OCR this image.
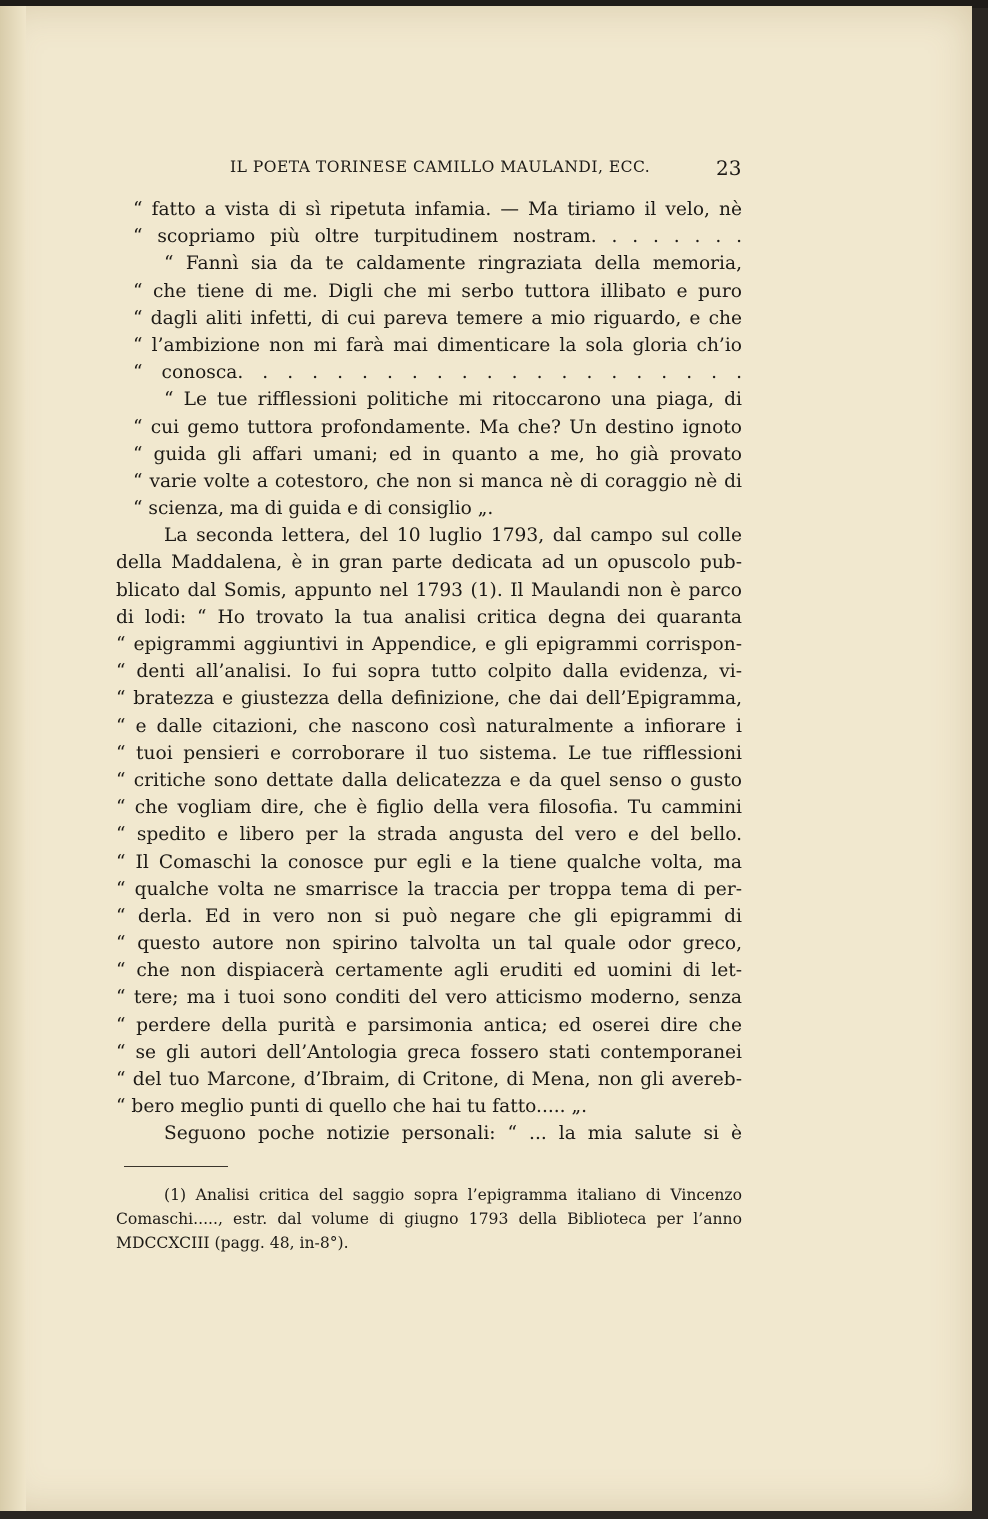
IL POETA TORINESE CAMILLO MAULANDI, ECC.	23
“ fatto a vista di sì ripetuta infamia. — Ma tiriamo il velo, nè
“ scopriamo più oltre turpitudinem nostram. . . . . . . .
“ Fannì sia da te caldamente ringraziata della memoria,
“ che tiene di me. Digli che mi serbo tuttora illibato e puro
“ dagli aliti infetti, di cui pareva temere a mio riguardo, e che
“ l’ambizione non mi farà mai dimenticare la sola gloria ch’io
“ conosca. . . . . . . . . . . . . . . . . . . . .
“ Le tue rifflessioni politiche mi ritoccarono una piaga, di
“ cui gemo tuttora profondamente. Ma che? Un destino ignoto
“ guida gli affari umani; ed in quanto a me, ho già provato
“ varie volte a cotestoro, che non si manca nè di coraggio nè di
“ scienza, ma di guida e di consiglio „.
La seconda lettera, del 10 luglio 1793, dal campo sul colle
della Maddalena, è in gran parte dedicata ad un opuscolo pub-
blicato dal Somis, appunto nel 1793 (1). Il Maulandi non è parco
di lodi: “ Ho trovato la tua analisi critica degna dei quaranta
“ epigrammi aggiuntivi in Appendice, e gli epigrammi corrispon-
“ denti all’analisi. Io fui sopra tutto colpito dalla evidenza, vi-
“ bratezza e giustezza della definizione, che dai dell’Epigramma,
“ e dalle citazioni, che nascono così naturalmente a infiorare i
“ tuoi pensieri e corroborare il tuo sistema. Le tue rifflessioni
“ critiche sono dettate dalla delicatezza e da quel senso o gusto
“ che vogliam dire, che è figlio della vera filosofia. Tu cammini
“ spedito e libero per la strada angusta del vero e del bello.
“ Il Comaschi la conosce pur egli e la tiene qualche volta, ma
“ qualche volta ne smarrisce la traccia per troppa tema di per-
“ derla. Ed in vero non si può negare che gli epigrammi di
“ questo autore non spirino talvolta un tal quale odor greco,
“ che non dispiacerà certamente agli eruditi ed uomini di let-
“ tere; ma i tuoi sono conditi del vero atticismo moderno, senza
“ perdere della purità e parsimonia antica; ed oserei dire che
“ se gli autori dell’Antologia greca fossero stati contemporanei
“ del tuo Marcone, d’Ibraim, di Critone, di Mena, non gli avereb-
“ bero meglio punti di quello che hai tu fatto..... „.
Seguono poche notizie personali: “ ... la mia salute si è
(1) Analisi critica del saggio sopra l’epigramma italiano di Vincenzo
Comaschi....., estr. dal volume di giugno 1793 della Biblioteca per l’anno
MDCCXCIII (pagg. 48, in-8°).
